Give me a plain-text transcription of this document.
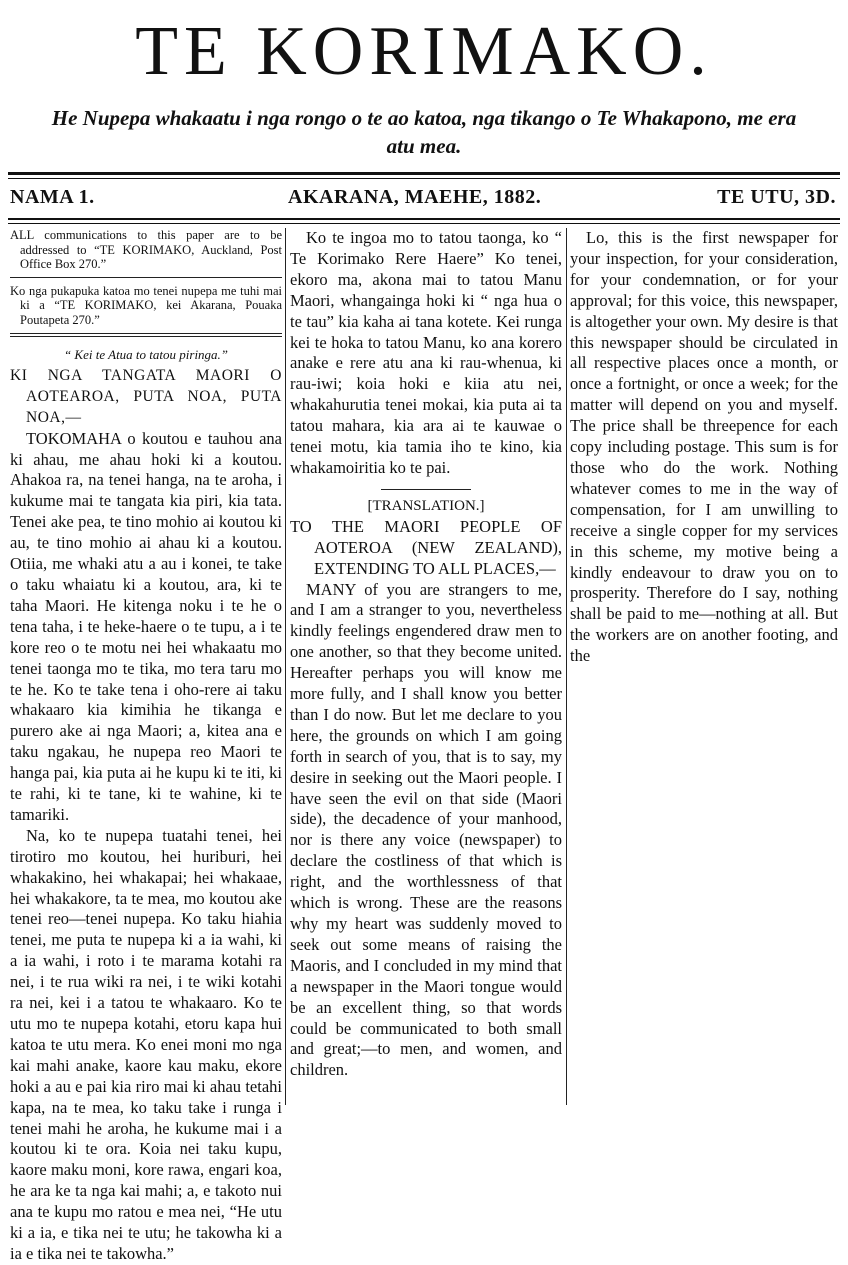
TE KORIMAKO.
He Nupepa whakaatu i nga rongo o te ao katoa, nga tikango o Te Whakapono, me era atu mea.
NAMA 1.	AKARANA, MAEHE, 1882.	TE UTU, 3D.

ALL communications to this paper are to be addressed to “TE KORIMAKO, Auckland, Post Office Box 270.”

Ko nga pukapuka katoa mo tenei nupepa me tuhi mai ki a “TE KORIMAKO, kei Akarana, Pouaka Poutapeta 270.”

“ Kei te Atua to tatou piringa.”

KI NGA TANGATA MAORI O AOTEAROA, PUTA NOA, PUTA NOA,—

TOKOMAHA o koutou e tauhou ana ki ahau, me ahau hoki ki a koutou. Ahakoa ra, na tenei hanga, na te aroha, i kukume mai te tangata kia piri, kia tata. Tenei ake pea, te tino mohio ai koutou ki au, te tino mohio ai ahau ki a koutou. Otiia, me whaki atu a au i konei, te take o taku whaiatu ki a koutou, ara, ki te taha Maori. He kitenga noku i te he o tena taha, i te heke-haere o te tupu, a i te kore reo o te motu nei hei whakaatu mo tenei taonga mo te tika, mo tera taru mo te he. Ko te take tena i oho-rere ai taku whakaaro kia kimihia he tikanga e purero ake ai nga Maori; a, kitea ana e taku ngakau, he nupepa reo Maori te hanga pai, kia puta ai he kupu ki te iti, ki te rahi, ki te tane, ki te wahine, ki te tamariki.

Na, ko te nupepa tuatahi tenei, hei tirotiro mo koutou, hei huriburi, hei whakakino, hei whakapai; hei whakaae, hei whakakore, ta te mea, mo koutou ake tenei reo—tenei nupepa. Ko taku hiahia tenei, me puta te nupepa ki a ia wahi, ki a ia wahi, i roto i te marama kotahi ra nei, i te rua wiki ra nei, i te wiki kotahi ra nei, kei i a tatou te whakaaro. Ko te utu mo te nupepa kotahi, etoru kapa hui katoa te utu mera. Ko enei moni mo nga kai mahi anake, kaore kau maku, ekore hoki a au e pai kia riro mai ki ahau tetahi kapa, na te mea, ko taku take i runga i tenei mahi he aroha, he kukume mai i a koutou ki te ora. Koia nei taku kupu, kaore maku moni, kore rawa, engari koa, he ara ke ta nga kai mahi; a, e takoto nui ana te kupu mo ratou e mea nei, “He utu ki a ia, e tika nei te utu; he takowha ki a ia e tika nei te takowha.”

Ko te ingoa mo to tatou taonga, ko “ Te Korimako Rere Haere” Ko tenei, ekoro ma, akona mai to tatou Manu Maori, whangainga hoki ki “ nga hua o te tau” kia kaha ai tana kotete. Kei runga kei te hoka to tatou Manu, ko ana korero anake e rere atu ana ki rau-whenua, ki rau-iwi; koia hoki e kiia atu nei, whakahurutia tenei mokai, kia puta ai ta tatou mahara, kia ara ai te kauwae o tenei motu, kia tamia iho te kino, kia whakamoiritia ko te pai.

[TRANSLATION.]

TO THE MAORI PEOPLE OF AOTEROA (NEW ZEALAND), EXTENDING TO ALL PLACES,—

MANY of you are strangers to me, and I am a stranger to you, nevertheless kindly feelings engendered draw men to one another, so that they become united. Hereafter perhaps you will know me more fully, and I shall know you better than I do now. But let me declare to you here, the grounds on which I am going forth in search of you, that is to say, my desire in seeking out the Maori people. I have seen the evil on that side (Maori side), the decadence of your manhood, nor is there any voice (newspaper) to declare the costliness of that which is right, and the worthlessness of that which is wrong. These are the reasons why my heart was suddenly moved to seek out some means of raising the Maoris, and I concluded in my mind that a newspaper in the Maori tongue would be an excellent thing, so that words could be communicated to both small and great;—to men, and women, and children.

Lo, this is the first newspaper for your inspection, for your consideration, for your condemnation, or for your approval; for this voice, this newspaper, is altogether your own. My desire is that this newspaper should be circulated in all respective places once a month, or once a fortnight, or once a week; for the matter will depend on you and myself. The price shall be threepence for each copy including postage. This sum is for those who do the work. Nothing whatever comes to me in the way of compensation, for I am unwilling to receive a single copper for my services in this scheme, my motive being a kindly endeavour to draw you on to prosperity. Therefore do I say, nothing shall be paid to me—nothing at all. But the workers are on another footing, and the
